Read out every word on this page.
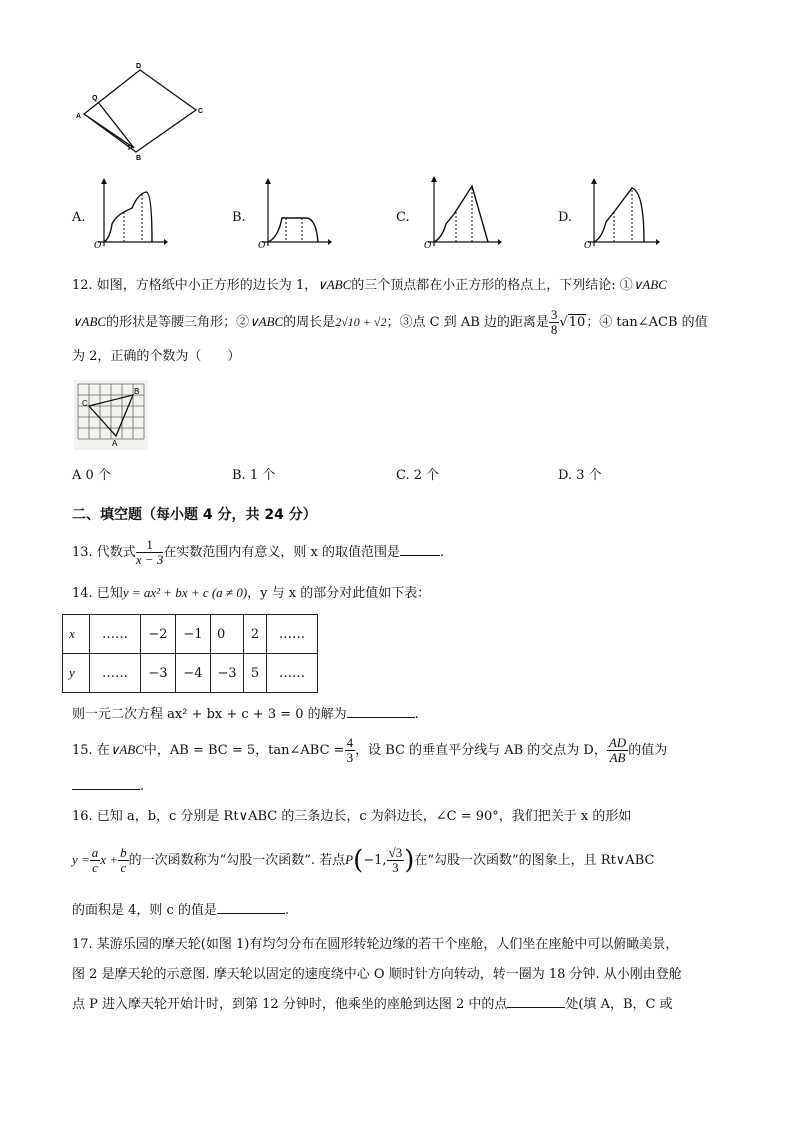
D
Q
A
C
P
B
A.
O
B.
O
C.
O
D.
O
12. 如图，方格纸中小正方形的边长为 1，∨ABC的三个顶点都在小正方形的格点上，下列结论: ①∨ABC
∨ABC的形状是等腰三角形；②∨ABC的周长是2√10 + √2；③点 C 到 AB 边的距离是 $\frac{3}{8} √10$；④ tan∠ACB 的值
为 2，正确的个数为（　　）
C
B
A
A 0 个	B. 1 个	C. 2 个	D. 3 个
二、填空题（每小题 4 分，共 24 分）
13. 代数式 $\frac{1}{x - 3}$ 在实数范围内有意义，则 x 的取值范围是	.
14. 已知y = ax² + bx + c (a ≠ 0)，y 与 x 的部分对此值如下表：
x	……	−2	−1	0	2	……
y	……	−3	−4	−3	5	……
则一元二次方程 ax² + bx + c + 3 = 0 的解为	.
15. 在∨ABC中，AB = BC = 5，tan∠ABC = $\frac{4}{3}$ ，设 BC 的垂直平分线与 AB 的交点为 D， $\frac{AD}{AB}$ 的值为
.
16. 已知 a，b，c 分别是 Rt∨ABC 的三条边长，c 为斜边长，∠C = 90°，我们把关于 x 的形如
$y = \frac{a}{c}$ $x + \frac{b}{c}$ 的一次函数称为“勾股一次函数”. 若点P(−1, $\frac{√3}{3}$ )在“勾股一次函数”的图象上，且 Rt∨ABC
的面积是 4，则 c 的值是	.
17. 某游乐园的摩天轮(如图 1)有均匀分布在圆形转轮边缘的若干个座舱，人们坐在座舱中可以俯瞰美景，
图 2 是摩天轮的示意图. 摩天轮以固定的速度绕中心 O 顺时针方向转动，转一圈为 18 分钟. 从小刚由登舱
点 P 进入摩天轮开始计时，到第 12 分钟时，他乘坐的座舱到达图 2 中的点	处(填 A，B，C 或
